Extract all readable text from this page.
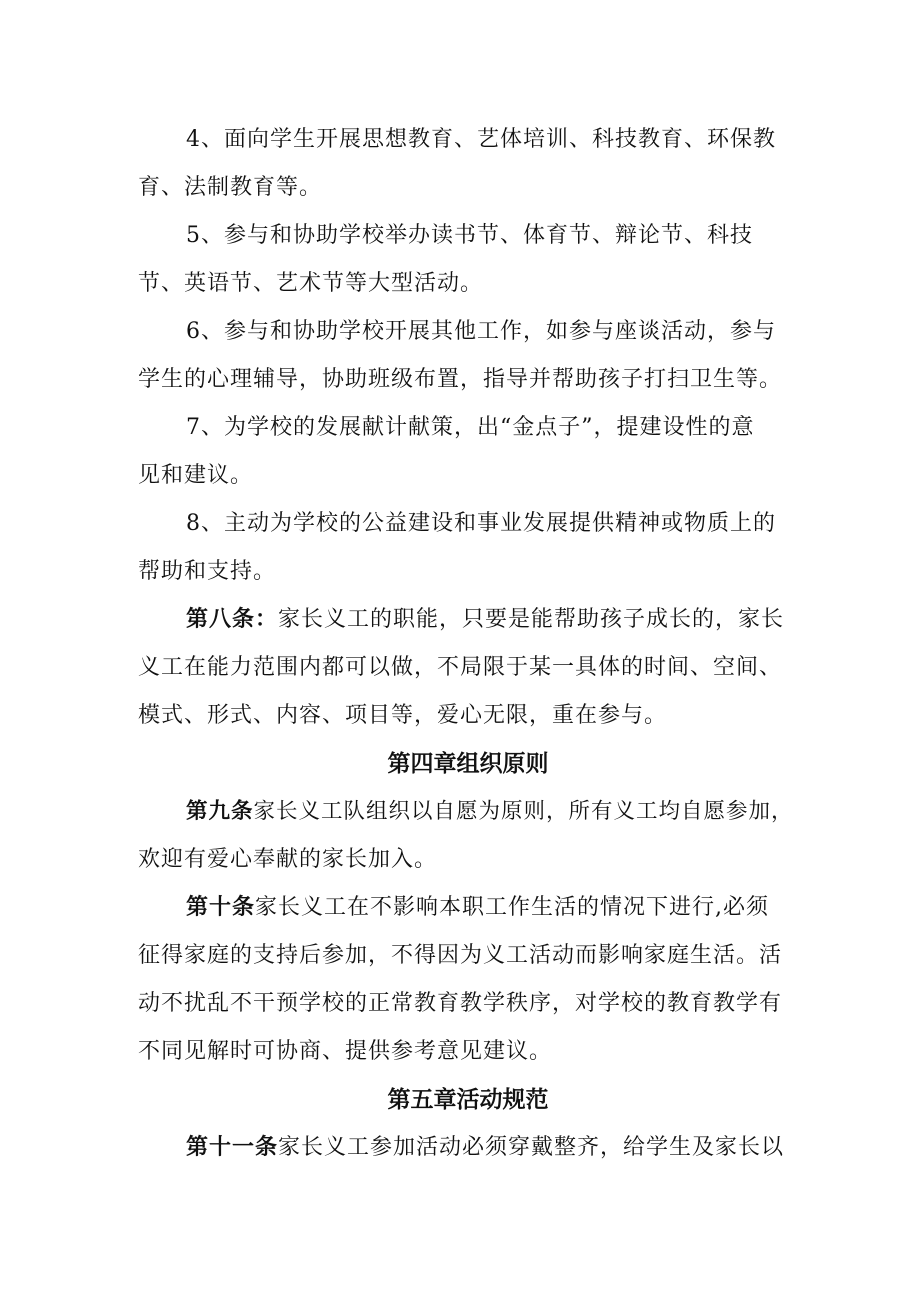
4、面向学生开展思想教育、艺体培训、科技教育、环保教
育、法制教育等。
5、参与和协助学校举办读书节、体育节、辩论节、科技
节、英语节、艺术节等大型活动。
6、参与和协助学校开展其他工作，如参与座谈活动，参与
学生的心理辅导，协助班级布置，指导并帮助孩子打扫卫生等。
7、为学校的发展献计献策，出“金点子”，提建设性的意
见和建议。
8、主动为学校的公益建设和事业发展提供精神或物质上的
帮助和支持。
第八条：家长义工的职能，只要是能帮助孩子成长的，家长
义工在能力范围内都可以做，不局限于某一具体的时间、空间、
模式、形式、内容、项目等，爱心无限，重在参与。
第四章组织原则
第九条家长义工队组织以自愿为原则，所有义工均自愿参加，
欢迎有爱心奉献的家长加入。
第十条家长义工在不影响本职工作生活的情况下进行,必须
征得家庭的支持后参加，不得因为义工活动而影响家庭生活。活
动不扰乱不干预学校的正常教育教学秩序，对学校的教育教学有
不同见解时可协商、提供参考意见建议。
第五章活动规范
第十一条家长义工参加活动必须穿戴整齐，给学生及家长以
